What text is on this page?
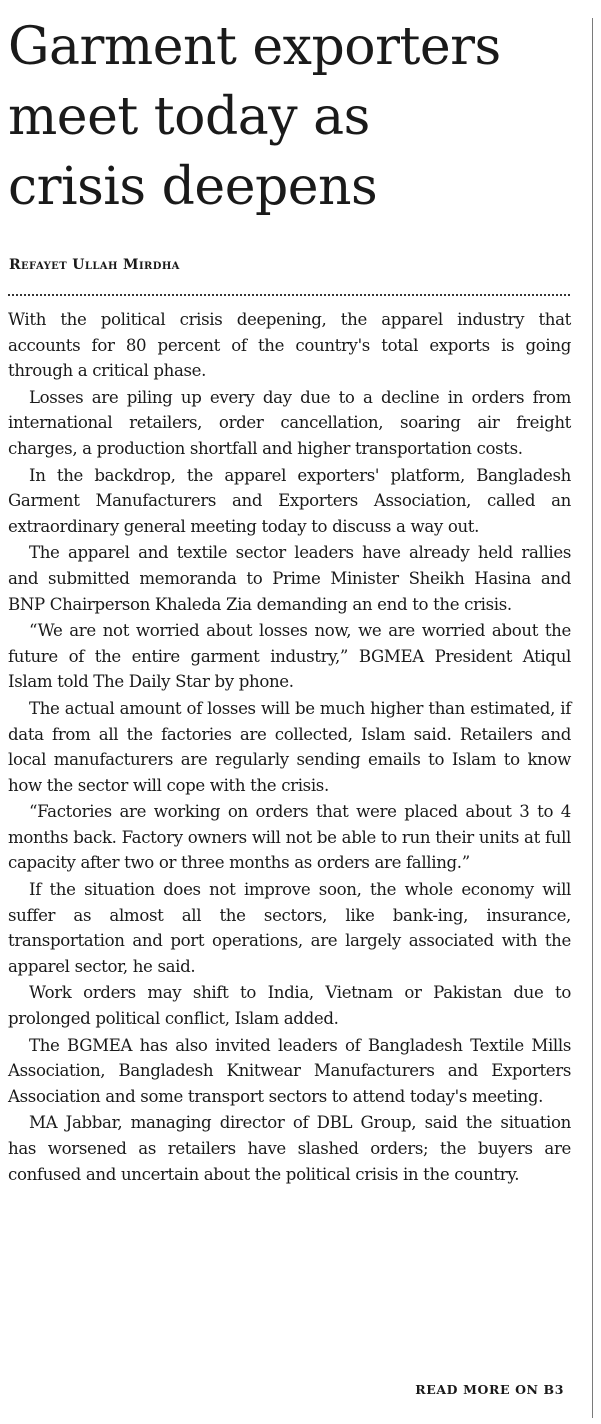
Garment exporters
meet today as
crisis deepens
Refayet Ullah Mirdha

With the political crisis deepening, the apparel industry that accounts for 80 percent of the country's total exports is going through a critical phase.

Losses are piling up every day due to a decline in orders from international retailers, order cancellation, soaring air freight charges, a production shortfall and higher transportation costs.

In the backdrop, the apparel exporters' platform, Bangladesh Garment Manufacturers and Exporters Association, called an extraordinary general meeting today to discuss a way out.

The apparel and textile sector leaders have already held rallies and submitted memoranda to Prime Minister Sheikh Hasina and BNP Chairperson Khaleda Zia demanding an end to the crisis.

“We are not worried about losses now, we are worried about the future of the entire garment industry,” BGMEA President Atiqul Islam told The Daily Star by phone.

The actual amount of losses will be much higher than estimated, if data from all the factories are collected, Islam said. Retailers and local manufacturers are regularly sending emails to Islam to know how the sector will cope with the crisis.

“Factories are working on orders that were placed about 3 to 4 months back. Factory owners will not be able to run their units at full capacity after two or three months as orders are falling.”

If the situation does not improve soon, the whole economy will suffer as almost all the sectors, like bank-ing, insurance, transportation and port operations, are largely associated with the apparel sector, he said.

Work orders may shift to India, Vietnam or Pakistan due to prolonged political conflict, Islam added.

The BGMEA has also invited leaders of Bangladesh Textile Mills Association, Bangladesh Knitwear Manufacturers and Exporters Association and some transport sectors to attend today's meeting.

MA Jabbar, managing director of DBL Group, said the situation has worsened as retailers have slashed orders; the buyers are confused and uncertain about the political crisis in the country.

READ MORE ON B3
